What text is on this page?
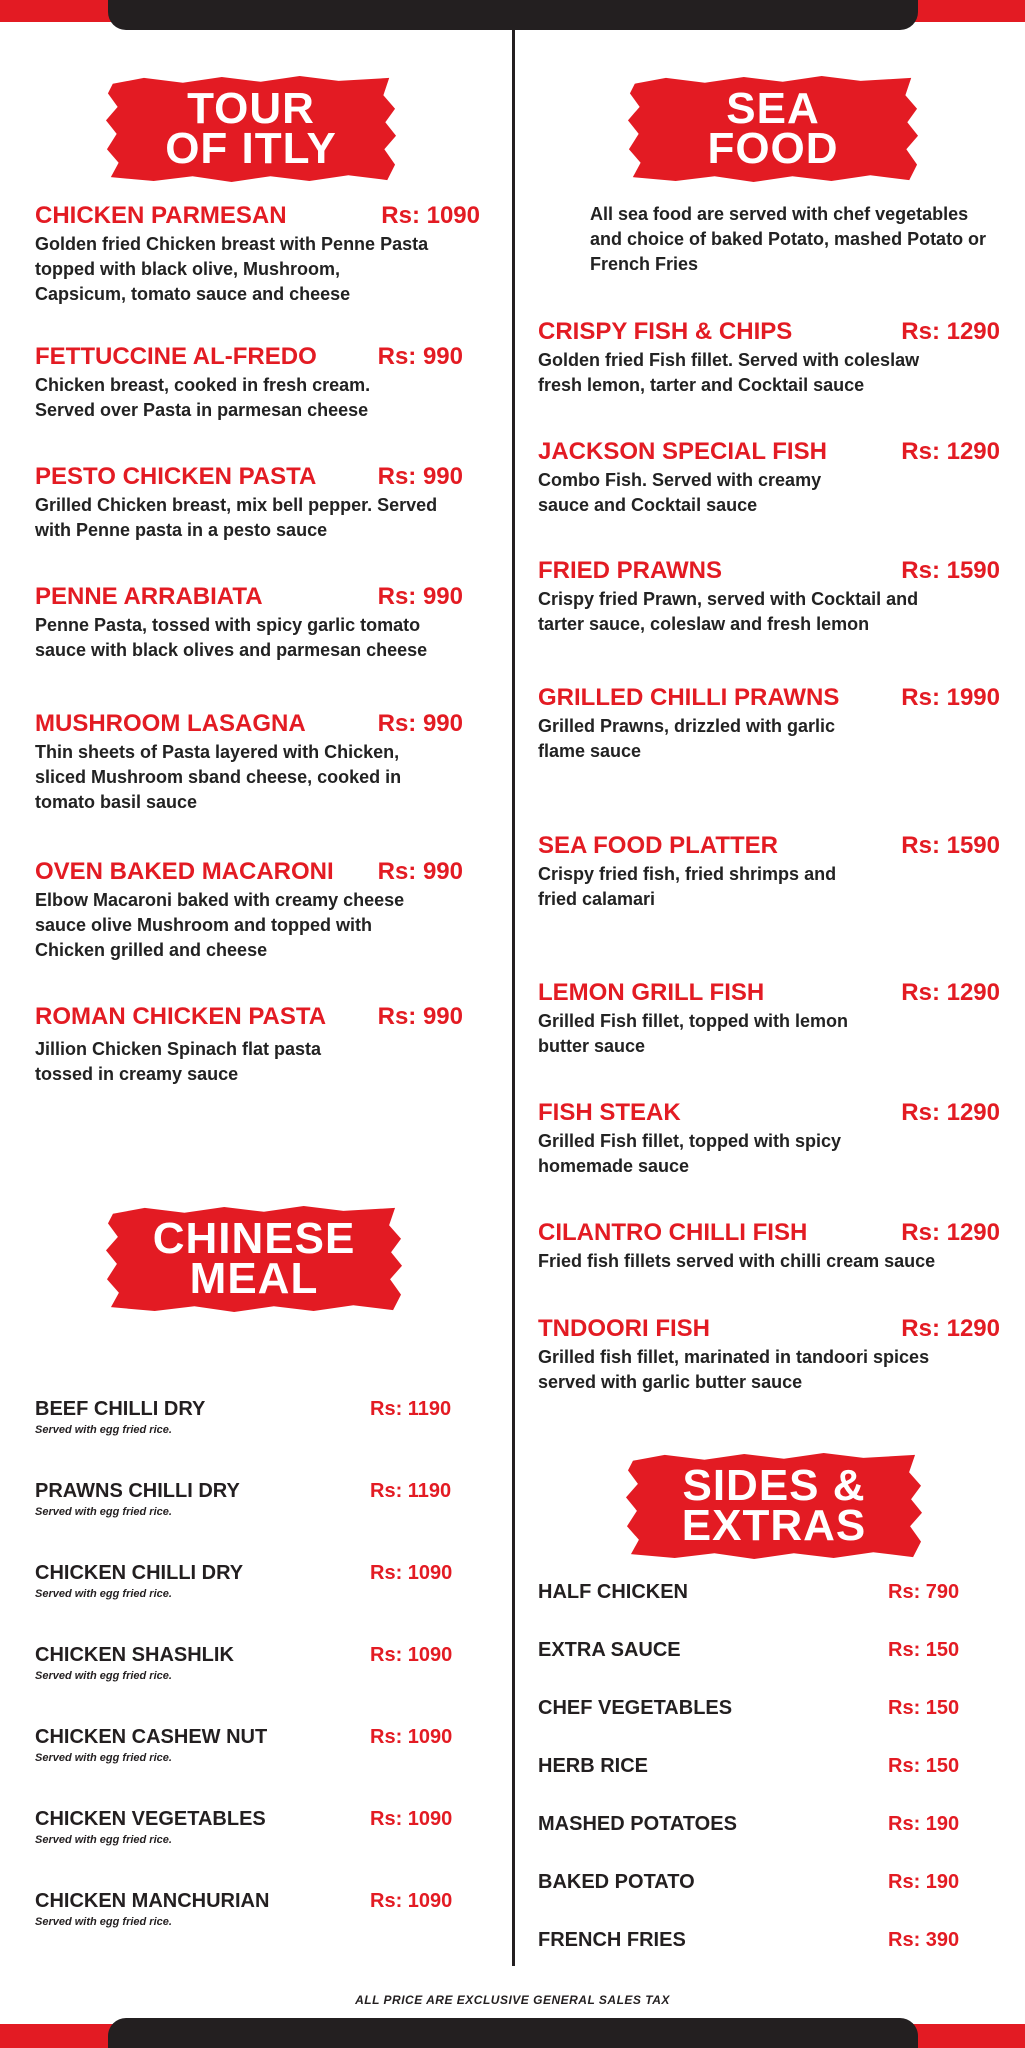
TOUR
OF ITLY
SEA
FOOD
CHINESE
MEAL
SIDES &
EXTRAS
CHICKEN PARMESAN	Rs: 1090
Golden fried Chicken breast with Penne Pasta topped with black olive, Mushroom, Capsicum, tomato sauce and cheese
FETTUCCINE AL-FREDO	Rs: 990
Chicken breast, cooked in fresh cream. Served over Pasta in parmesan cheese
PESTO CHICKEN PASTA	Rs: 990
Grilled Chicken breast, mix bell pepper. Served with Penne pasta in a pesto sauce
PENNE ARRABIATA	Rs: 990
Penne Pasta, tossed with spicy garlic tomato sauce with black olives and parmesan cheese
MUSHROOM LASAGNA	Rs: 990
Thin sheets of Pasta layered with Chicken, sliced Mushroom sband cheese, cooked in tomato basil sauce
OVEN BAKED MACARONI Rs: 990
Elbow Macaroni baked with creamy cheese sauce olive Mushroom and topped with Chicken grilled and cheese
ROMAN CHICKEN PASTA Rs: 990
Jillion Chicken Spinach flat pasta tossed in creamy sauce
BEEF CHILLI DRY	Rs: 1190
Served with egg fried rice.
PRAWNS CHILLI DRY	Rs: 1190
Served with egg fried rice.
CHICKEN CHILLI DRY	Rs: 1090
Served with egg fried rice.
CHICKEN SHASHLIK	Rs: 1090
Served with egg fried rice.
CHICKEN CASHEW NUT	Rs: 1090
Served with egg fried rice.
CHICKEN VEGETABLES	Rs: 1090
Served with egg fried rice.
CHICKEN MANCHURIAN	Rs: 1090
Served with egg fried rice.
All sea food are served with chef vegetables and choice of baked Potato, mashed Potato or French Fries
CRISPY FISH & CHIPS	Rs: 1290
Golden fried Fish fillet. Served with coleslaw fresh lemon, tarter and Cocktail sauce
JACKSON SPECIAL FISH	Rs: 1290
Combo Fish. Served with creamy sauce and Cocktail sauce
FRIED PRAWNS	Rs: 1590
Crispy fried Prawn, served with Cocktail and tarter sauce, coleslaw and fresh lemon
GRILLED CHILLI PRAWNS	Rs: 1990
Grilled Prawns, drizzled with garlic flame sauce
SEA FOOD PLATTER	Rs: 1590
Crispy fried fish, fried shrimps and fried calamari
LEMON GRILL FISH	Rs: 1290
Grilled Fish fillet, topped with lemon butter sauce
FISH STEAK	Rs: 1290
Grilled Fish fillet, topped with spicy homemade sauce
CILANTRO CHILLI FISH	Rs: 1290
Fried fish fillets served with chilli cream sauce
TNDOORI FISH	Rs: 1290
Grilled fish fillet, marinated in tandoori spices served with garlic butter sauce
HALF CHICKEN	Rs: 790
EXTRA SAUCE	Rs: 150
CHEF VEGETABLES	Rs: 150
HERB RICE	Rs: 150
MASHED POTATOES	Rs: 190
BAKED POTATO	Rs: 190
FRENCH FRIES	Rs: 390
ALL PRICE ARE EXCLUSIVE GENERAL SALES TAX
